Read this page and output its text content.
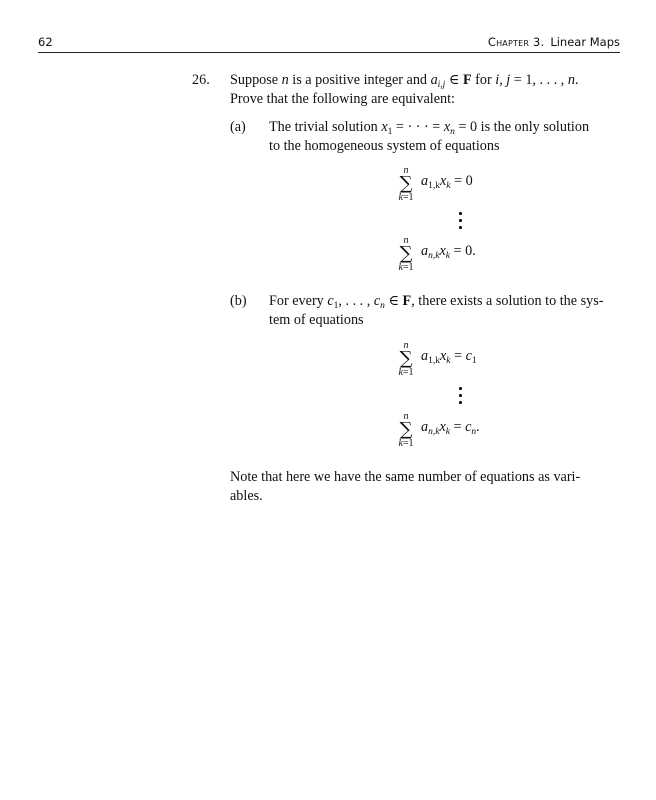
62	Chapter 3. Linear Maps
26. Suppose n is a positive integer and $a_{i,j}$ ∈ F for i, j = 1, . . . , n.

Prove that the following are equivalent:

(a) The trivial solution $x_1$ = · · · = $x_n = 0$ is the only solution
to the homogeneous system of equations
n
∑
k=1
$a_{1,k}x_k = 0$
n
∑
k=1
$a_{n,k}x_k = 0$.
(b) For every $c_1$, . . . , $c_n$ ∈ F, there exists a solution to the sys-
tem of equations
n
∑
k=1
$a_{1,k}x_k = c_1$
n
∑
k=1
$a_{n,k}x_k = c_n$.

Note that here we have the same number of equations as vari-
ables.
